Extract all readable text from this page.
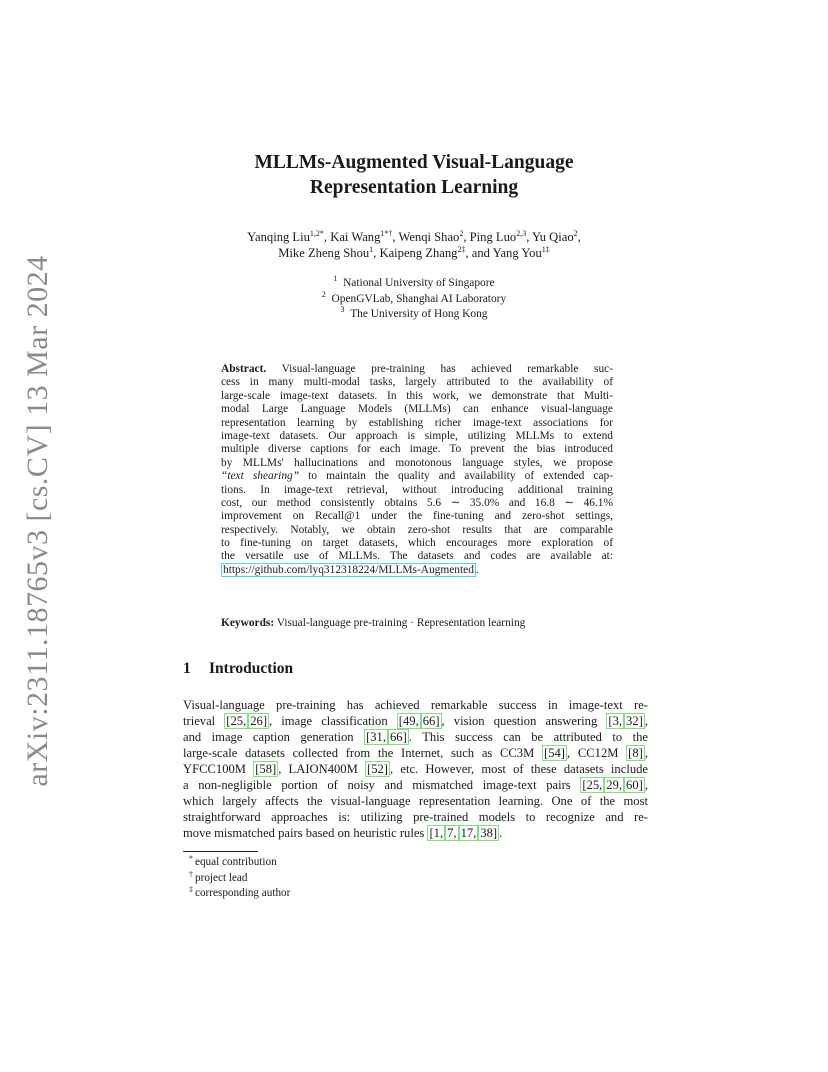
arXiv:2311.18765v3 [cs.CV] 13 Mar 2024
MLLMs-Augmented Visual-Language
Representation Learning
Yanqing Liu$^{1,2*}$, Kai Wang$^{1*\dagger}$, Wenqi Shao$^2$, Ping Luo$^{2,3}$, Yu Qiao$^2$,
Mike Zheng Shou$^1$, Kaipeng Zhang$^{2\ddagger}$, and Yang You$^{1\ddagger}$
$^1$ National University of Singapore
$^2$ OpenGVLab, Shanghai AI Laboratory
$^3$ The University of Hong Kong
Abstract. Visual-language pre-training has achieved remarkable suc-
cess in many multi-modal tasks, largely attributed to the availability of
large-scale image-text datasets. In this work, we demonstrate that Multi-
modal Large Language Models (MLLMs) can enhance visual-language
representation learning by establishing richer image-text associations for
image-text datasets. Our approach is simple, utilizing MLLMs to extend
multiple diverse captions for each image. To prevent the bias introduced
by MLLMs' hallucinations and monotonous language styles, we propose
“text shearing” to maintain the quality and availability of extended cap-
tions. In image-text retrieval, without introducing additional training
cost, our method consistently obtains 5.6 ∼ 35.0% and 16.8 ∼ 46.1%
improvement on Recall@1 under the fine-tuning and zero-shot settings,
respectively. Notably, we obtain zero-shot results that are comparable
to fine-tuning on target datasets, which encourages more exploration of
the versatile use of MLLMs. The datasets and codes are available at:
https://github.com/lyq312318224/MLLMs-Augmented .
Keywords: Visual-language pre-training · Representation learning
1 Introduction
Visual-language pre-training has achieved remarkable success in image-text re-
trieval [25, 26] , image classification [49, 66] , vision question answering [3, 32] ,
and image caption generation [31, 66] . This success can be attributed to the
large-scale datasets collected from the Internet, such as CC3M [54] , CC12M [8] ,
YFCC100M [58] , LAION400M [52] , etc. However, most of these datasets include
a non-negligible portion of noisy and mismatched image-text pairs [25, 29, 60] ,
which largely affects the visual-language representation learning. One of the most
straightforward approaches is: utilizing pre-trained models to recognize and re-
move mismatched pairs based on heuristic rules [1, 7, 17, 38] .
* equal contribution
† project lead
‡ corresponding author
